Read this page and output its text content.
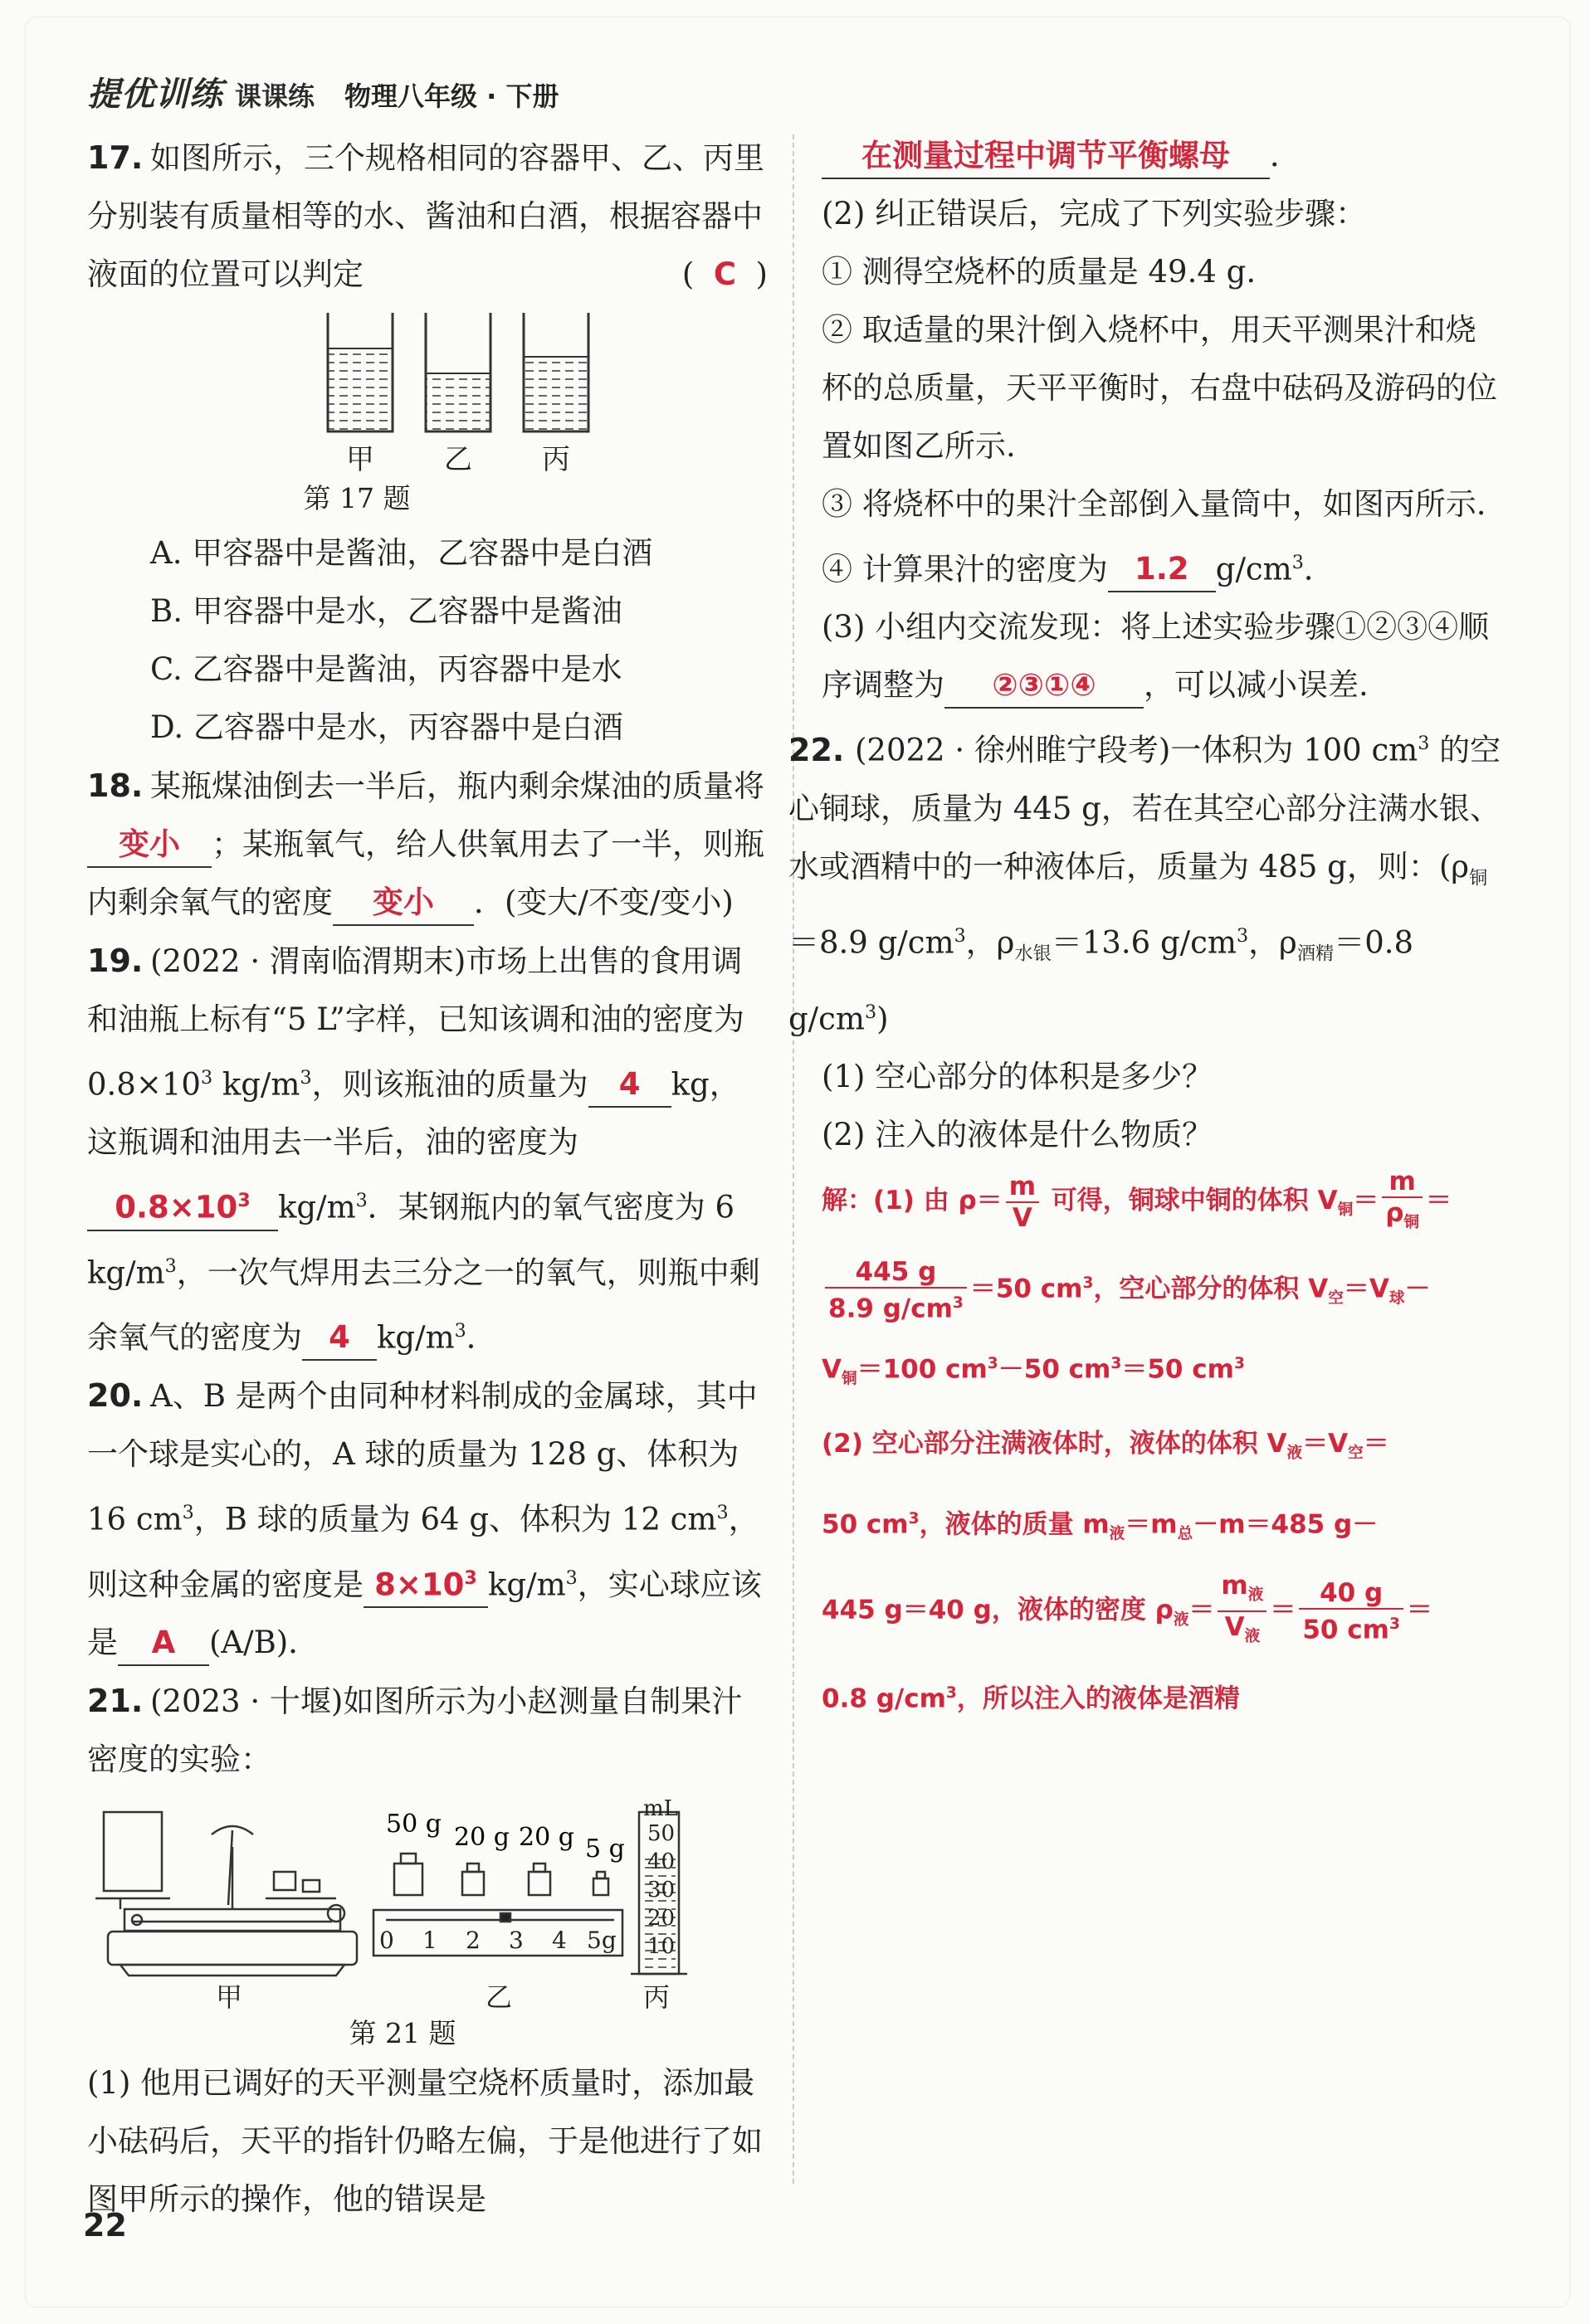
提优训练 课课练 物理八年级 · 下册
17. 如图所示，三个规格相同的容器甲、乙、丙里分别装有质量相等的水、酱油和白酒，根据容器中液面的位置可以判定	(  C  )
甲 乙 丙
第 17 题
A. 甲容器中是酱油，乙容器中是白酒
B. 甲容器中是水，乙容器中是酱油
C. 乙容器中是酱油，丙容器中是水
D. 乙容器中是水，丙容器中是白酒
18. 某瓶煤油倒去一半后，瓶内剩余煤油的质量将变小 ；某瓶氧气，给人供氧用去了一半，则瓶内剩余氧气的密度 变小 ．(变大/不变/变小)
19. (2022 · 渭南临渭期末)市场上出售的食用调和油瓶上标有“5 L”字样，已知该调和油的密度为 $0.8\times 10^3$ $kg/m^3$，则该瓶油的质量为 4 kg，这瓶调和油用去一半后，油的密度为$0.8\times 10^3$ $kg/m^3$．某钢瓶内的氧气密度为 6 $kg/m^3$，一次气焊用去三分之一的氧气，则瓶中剩余氧气的密度为 4 $kg/m^3$．
20. A、B 是两个由同种材料制成的金属球，其中一个球是实心的，A 球的质量为 128 g、体积为 16 $cm^3$，B 球的质量为 64 g、体积为 12 $cm^3$，则这种金属的密度是 $8\times 10^3$ $kg/m^3$，实心球应该是 A (A/B)．
21. (2023 · 十堰)如图所示为小赵测量自制果汁密度的实验：
50 g 20 g 20 g 5 g
0 1 2 3 4 5g
mL
50
40
30
20
10
甲	乙	丙
第 21 题
(1) 他用已调好的天平测量空烧杯质量时，添加最小砝码后，天平的指针仍略左偏，于是他进行了如图甲所示的操作，他的错误是
在测量过程中调节平衡螺母 ．
(2) 纠正错误后，完成了下列实验步骤：
① 测得空烧杯的质量是 49.4 g.
② 取适量的果汁倒入烧杯中，用天平测果汁和烧杯的总质量，天平平衡时，右盘中砝码及游码的位置如图乙所示.
③ 将烧杯中的果汁全部倒入量筒中，如图丙所示.
④ 计算果汁的密度为 1.2 $g/cm^3$．
(3) 小组内交流发现：将上述实验步骤①②③④顺序调整为 ②③①④ ，可以减小误差.
22. (2022 · 徐州睢宁段考)一体积为 100 $cm^3$ 的空心铜球，质量为 445 g，若在其空心部分注满水银、水或酒精中的一种液体后，质量为 485 g，则：($\rho_铜=8.9$ $g/cm^3$，$\rho_{水银}=13.6$ $g/cm^3$，$\rho_{酒精}=0.8$ $g/cm^3$)
(1) 空心部分的体积是多少？
(2) 注入的液体是什么物质？
解：(1) 由 $\rho= \frac{m}{V}$ 可得，铜球中铜的体积 $V_铜= \frac{m}{\rho_铜}$ ＝
$\frac{445 g}{8.9 g/cm^3} =50$ $cm^3$，空心部分的体积 $V_空=V_球-$
$V_铜=100$ $cm^3-50$ $cm^3=50$ $cm^3$
(2) 空心部分注满液体时，液体的体积 $V_液=V_空=$
50 $cm^3$，液体的质量 $m_液=m_总-m=485$ g－
445 g＝40 g，液体的密度 $\rho_液= \frac{m_液}{V_液} = \frac{40 g}{50 cm^3}$ ＝
0.8 $g/cm^3$，所以注入的液体是酒精
22
